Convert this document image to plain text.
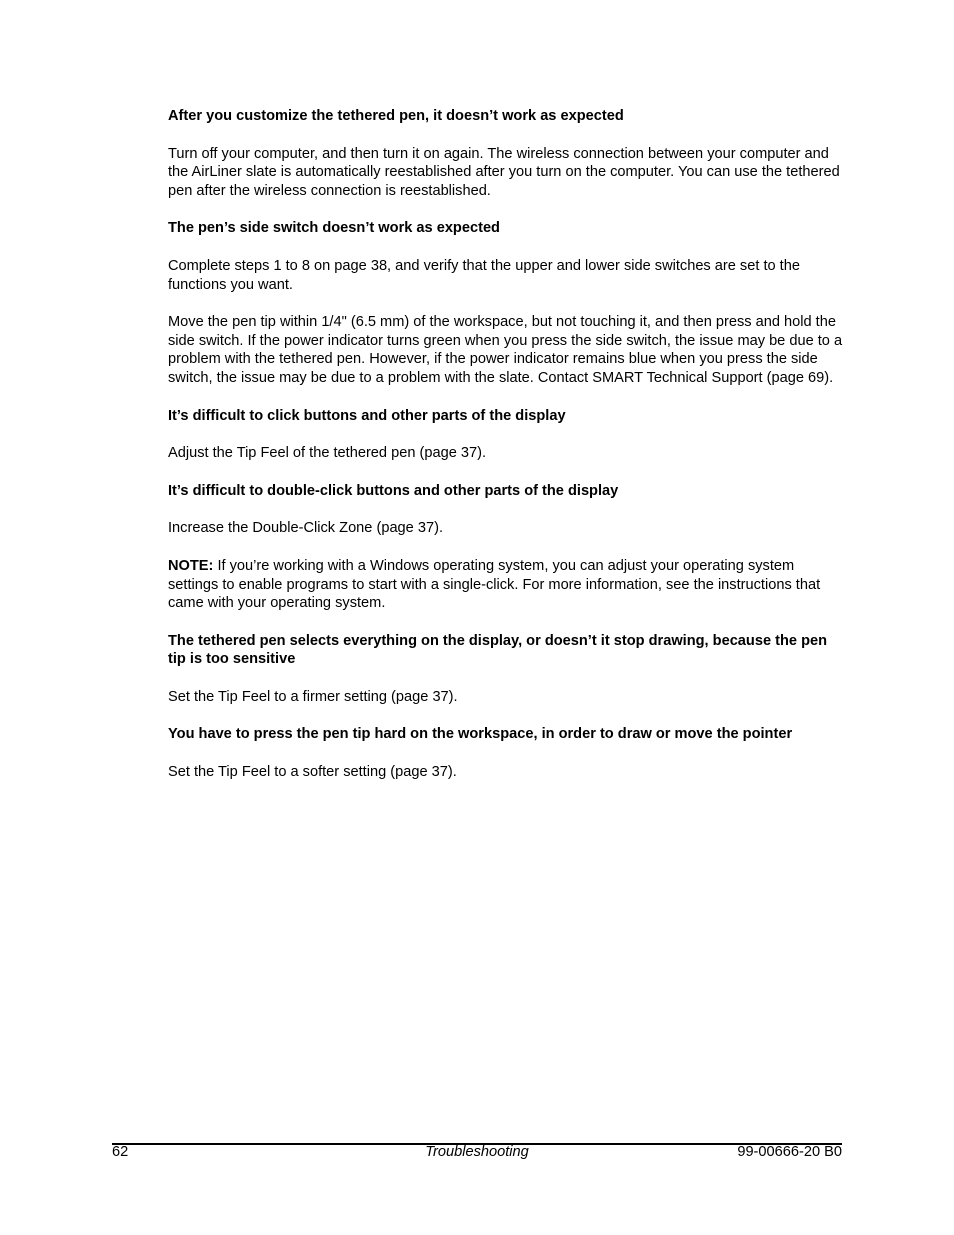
After you customize the tethered pen, it doesn’t work as expected
Turn off your computer, and then turn it on again. The wireless connection between your computer and the AirLiner slate is automatically reestablished after you turn on the computer. You can use the tethered pen after the wireless connection is reestablished.
The pen’s side switch doesn’t work as expected
Complete steps 1 to 8 on page 38, and verify that the upper and lower side switches are set to the functions you want.
Move the pen tip within 1/4" (6.5 mm) of the workspace, but not touching it, and then press and hold the side switch. If the power indicator turns green when you press the side switch, the issue may be due to a problem with the tethered pen. However, if the power indicator remains blue when you press the side switch, the issue may be due to a problem with the slate. Contact SMART Technical Support (page 69).
It’s difficult to click buttons and other parts of the display
Adjust the Tip Feel of the tethered pen (page 37).
It’s difficult to double-click buttons and other parts of the display
Increase the Double-Click Zone (page 37).
NOTE: If you’re working with a Windows operating system, you can adjust your operating system settings to enable programs to start with a single-click. For more information, see the instructions that came with your operating system.
The tethered pen selects everything on the display, or doesn’t it stop drawing, because the pen tip is too sensitive
Set the Tip Feel to a firmer setting (page 37).
You have to press the pen tip hard on the workspace, in order to draw or move the pointer
Set the Tip Feel to a softer setting (page 37).
62	Troubleshooting	99-00666-20 B0
